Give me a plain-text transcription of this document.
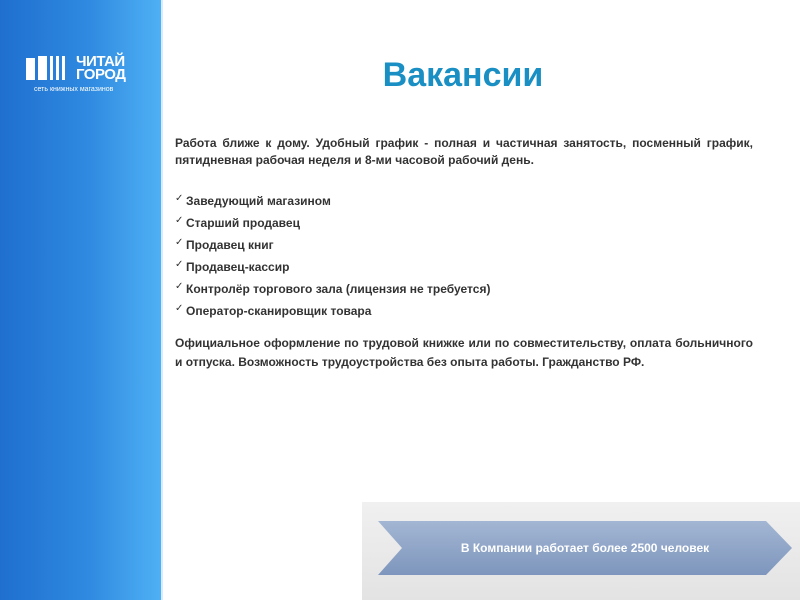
ЧИТАЙ
ГОРОД
сеть книжных магазинов	Вакансии

Работа ближе к дому. Удобный график - полная и частичная занятость, посменный график, пятидневная рабочая неделя и 8-ми часовой рабочий день.

✓ Заведующий магазином
✓ Старший продавец
✓ Продавец книг
✓ Продавец-кассир
✓ Контролёр торгового зала (лицензия не требуется)
✓ Оператор-сканировщик товара

Официальное оформление по трудовой книжке или по совместительству, оплата больничного и отпуска. Возможность трудоустройства без опыта работы. Гражданство РФ.

В Компании работает более 2500 человек
